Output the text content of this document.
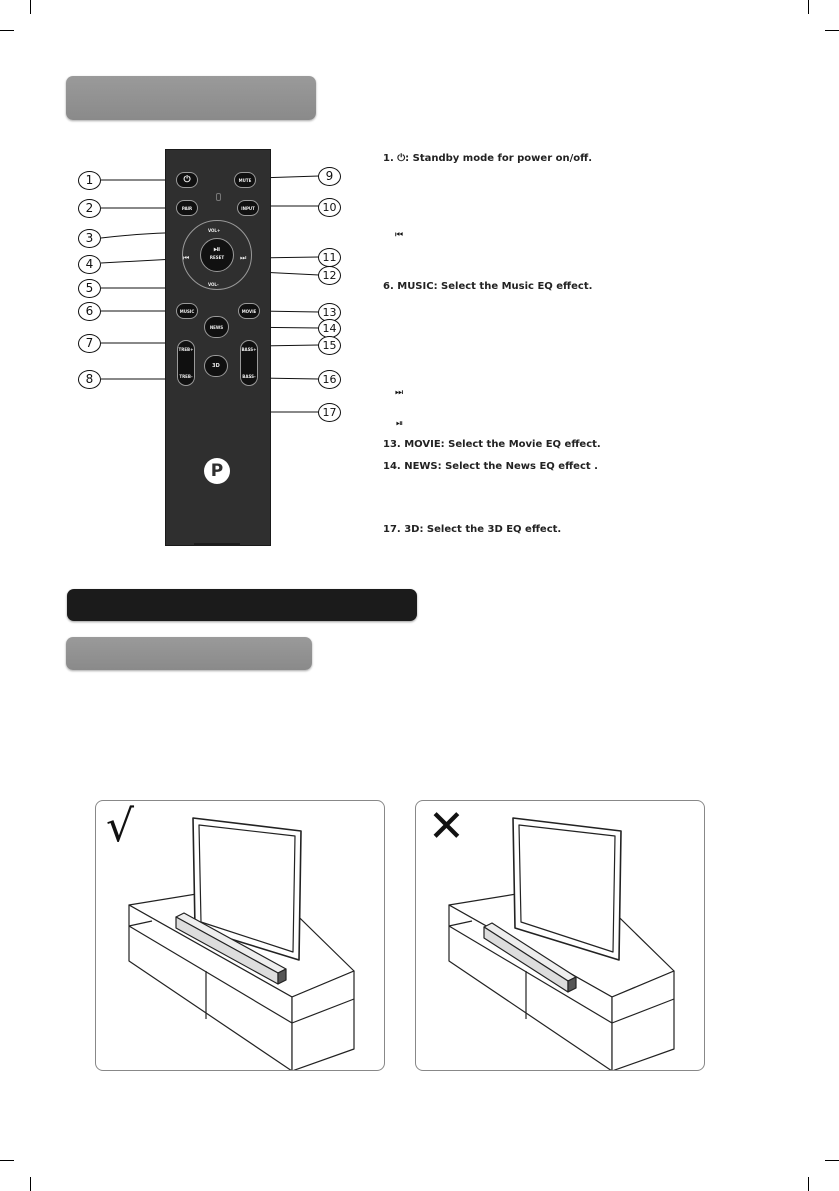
⏻	MUTE
PAIR	INPUT
VOL+
VOL-
⏮	⏭
⏯
RESET
MUSIC	MOVIE
NEWS
TREB+
TREB-
BASS+
BASS-
3D
P
1
2
3
4
5
6
7
8
9
10
11
12
13
14
15
16
17
1. ⏻: Standby mode for power on/off.
⏮
6. MUSIC: Select the Music EQ effect.
⏭
⏯
13. MOVIE: Select the Movie EQ effect.
14. NEWS: Select the News EQ effect .
17. 3D: Select the 3D EQ effect.
√	✕
